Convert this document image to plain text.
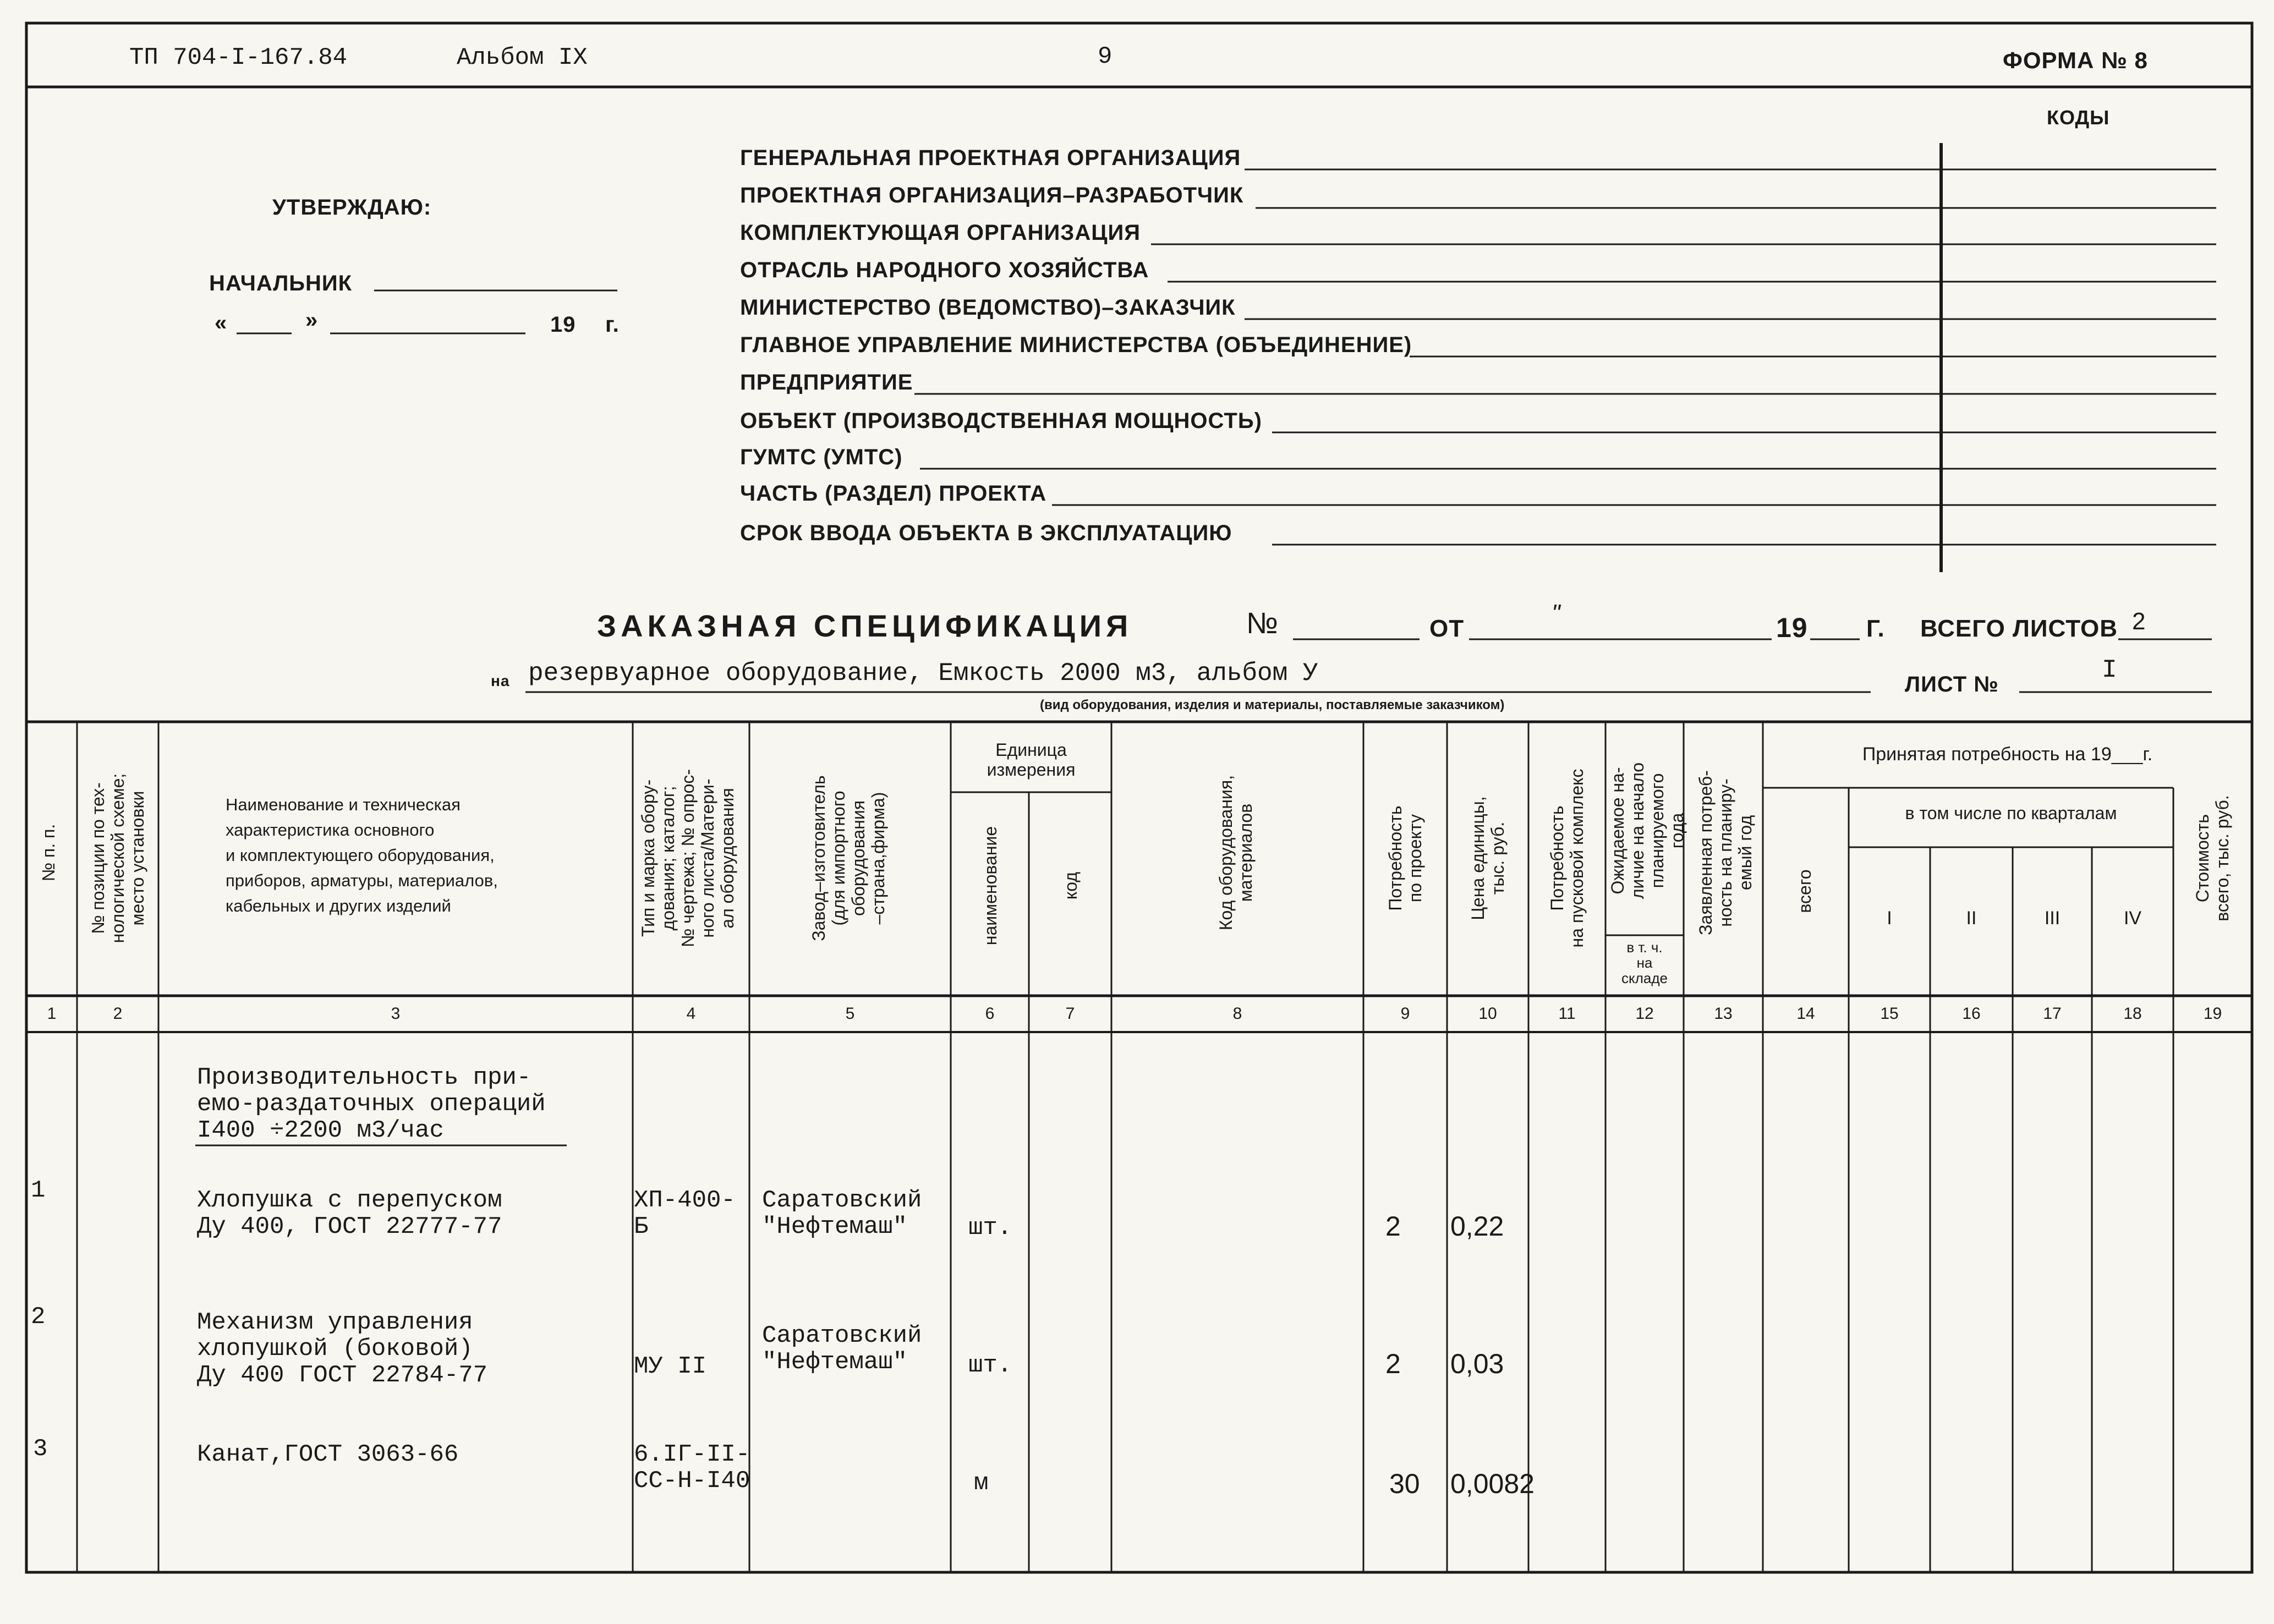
ТП 704-I-167.84	Альбом IX	9	ФОРМА № 8
УТВЕРЖДАЮ:
НАЧАЛЬНИК
«	»	19 г.
КОДЫ
ГЕНЕРАЛЬНАЯ ПРОЕКТНАЯ ОРГАНИЗАЦИЯ
ПРОЕКТНАЯ ОРГАНИЗАЦИЯ–РАЗРАБОТЧИК
КОМПЛЕКТУЮЩАЯ ОРГАНИЗАЦИЯ
ОТРАСЛЬ НАРОДНОГО ХОЗЯЙСТВА
МИНИСТЕРСТВО (ВЕДОМСТВО)–ЗАКАЗЧИК
ГЛАВНОЕ УПРАВЛЕНИЕ МИНИСТЕРСТВА (ОБЪЕДИНЕНИЕ)
ПРЕДПРИЯТИЕ
ОБЪЕКТ (ПРОИЗВОДСТВЕННАЯ МОЩНОСТЬ)
ГУМТС (УМТС)
ЧАСТЬ (РАЗДЕЛ) ПРОЕКТА
СРОК ВВОДА ОБЪЕКТА В ЭКСПЛУАТАЦИЮ
ЗАКАЗНАЯ СПЕЦИФИКАЦИЯ	№	ОТ
"	19 Г. ВСЕГО ЛИСТОВ 2
на резервуарное оборудование, Емкость 2000 м3, альбом У	ЛИСТ №	I
(вид оборудования, изделия и материалы, поставляемые заказчиком)
№ п. п.
№ позиции по тех-
нологической схеме;
место установки	Наименование и техническая
характеристика основного
и комплектующего оборудования,
приборов, арматуры, материалов,
кабельных и других изделий
Тип и марка обору-
дования; каталог;
№ чертежа; № опрос-
ного листа/Матери-
ал оборудования	Завод–изготовитель
(для импортного
оборудования
–страна,фирма)
Единица
измерения
наименование	код
Код оборудования,
материалов	Потребность
по проекту
Цена единицы,
тыс. руб. Потребность
на пусковой комплекс Ожидаемое на-
личие на начало
планируемого
года
в т. ч.
на
складе
Заявленная потреб-
ность на планиру-
емый год
Принятая потребность на 19___г.
в том числе по кварталам
всего
I	II	III	IV
Стоимость
всего, тыс. руб.
1	2	3	4	5	6	7	8	9	10	11	12	13	14	15	16	17	18	19
Производительность при-
емо-раздаточных операций
I400 ÷2200 м3/час
1	Хлопушка с перепуском
Ду 400, ГОСТ 22777-77
ХП-400-
Б
Саратовский
"Нефтемаш"	шт.	2 0,22
2	Механизм управления
хлопушкой (боковой)
Ду 400 ГОСТ 22784-77	МУ II
Саратовский
"Нефтемаш"	шт.	2 0,03
3	Канат,ГОСТ 3063-66	6.IГ-II-
СС-Н-I40	м	30 0,0082
